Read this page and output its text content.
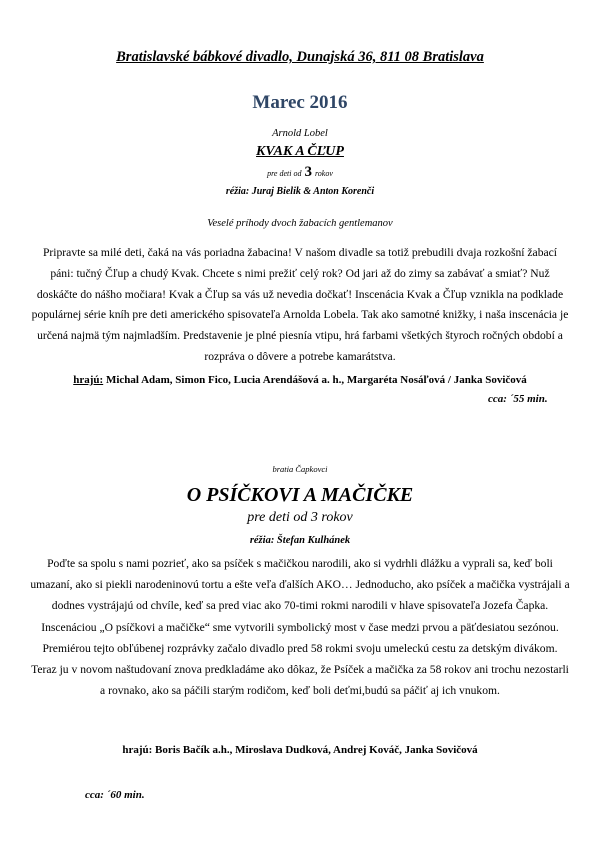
Bratislavské bábkové divadlo, Dunajská 36, 811 08 Bratislava
Marec 2016
Arnold Lobel
KVAK A ČĽUP
pre deti od 3 rokov
réžia: Juraj Bielik & Anton Korenči
Veselé príhody dvoch žabacích gentlemanov
Pripravte sa milé deti, čaká na vás poriadna žabacina! V našom divadle sa totiž prebudili dvaja rozkošní žabací páni: tučný Čľup a chudý Kvak. Chcete s nimi prežiť celý rok? Od jari až do zimy sa zabávať a smiať? Nuž doskáčte do nášho močiara! Kvak a Čľup sa vás už nevedia dočkať! Inscenácia Kvak a Čľup vznikla na podklade populárnej série kníh pre deti amerického spisovateľa Arnolda Lobela. Tak ako samotné knižky, i naša inscenácia je určená najmä tým najmladším. Predstavenie je plné piesnía vtipu, hrá farbami všetkých štyroch ročných období a rozpráva o dôvere a potrebe kamarátstva.
hrajú: Michal Adam, Simon Fico, Lucia Arendášová a. h., Margaréta Nosáľová / Janka Sovičová
cca: ´55 min.
bratia Čapkovci
O PSÍČKOVI A MAČIČKE
pre deti od 3 rokov
réžia: Štefan Kulhánek
Poďte sa spolu s nami pozrieť, ako sa psíček s mačičkou narodili, ako si vydrhli dlážku a vyprali sa, keď boli umazaní, ako si piekli narodeninovú tortu a ešte veľa ďalších AKO… Jednoducho, ako psíček a mačička vystrájali a dodnes vystrájajú od chvíle, keď sa pred viac ako 70-timi rokmi narodili v hlave spisovateľa Jozefa Čapka. Inscenáciou „O psíčkovi a mačičke“ sme vytvorili symbolický most v čase medzi prvou a päťdesiatou sezónou. Premiérou tejto obľúbenej rozprávky začalo divadlo pred 58 rokmi svoju umeleckú cestu za detským divákom. Teraz ju v novom naštudovaní znova predkladáme ako dôkaz, že Psíček a mačička za 58 rokov ani trochu nezostarli a rovnako, ako sa páčili starým rodičom, keď boli deťmi,budú sa páčiť aj ich vnukom.
hrajú: Boris Bačík a.h., Miroslava Dudková, Andrej Kováč, Janka Sovičová
cca: ´60 min.
